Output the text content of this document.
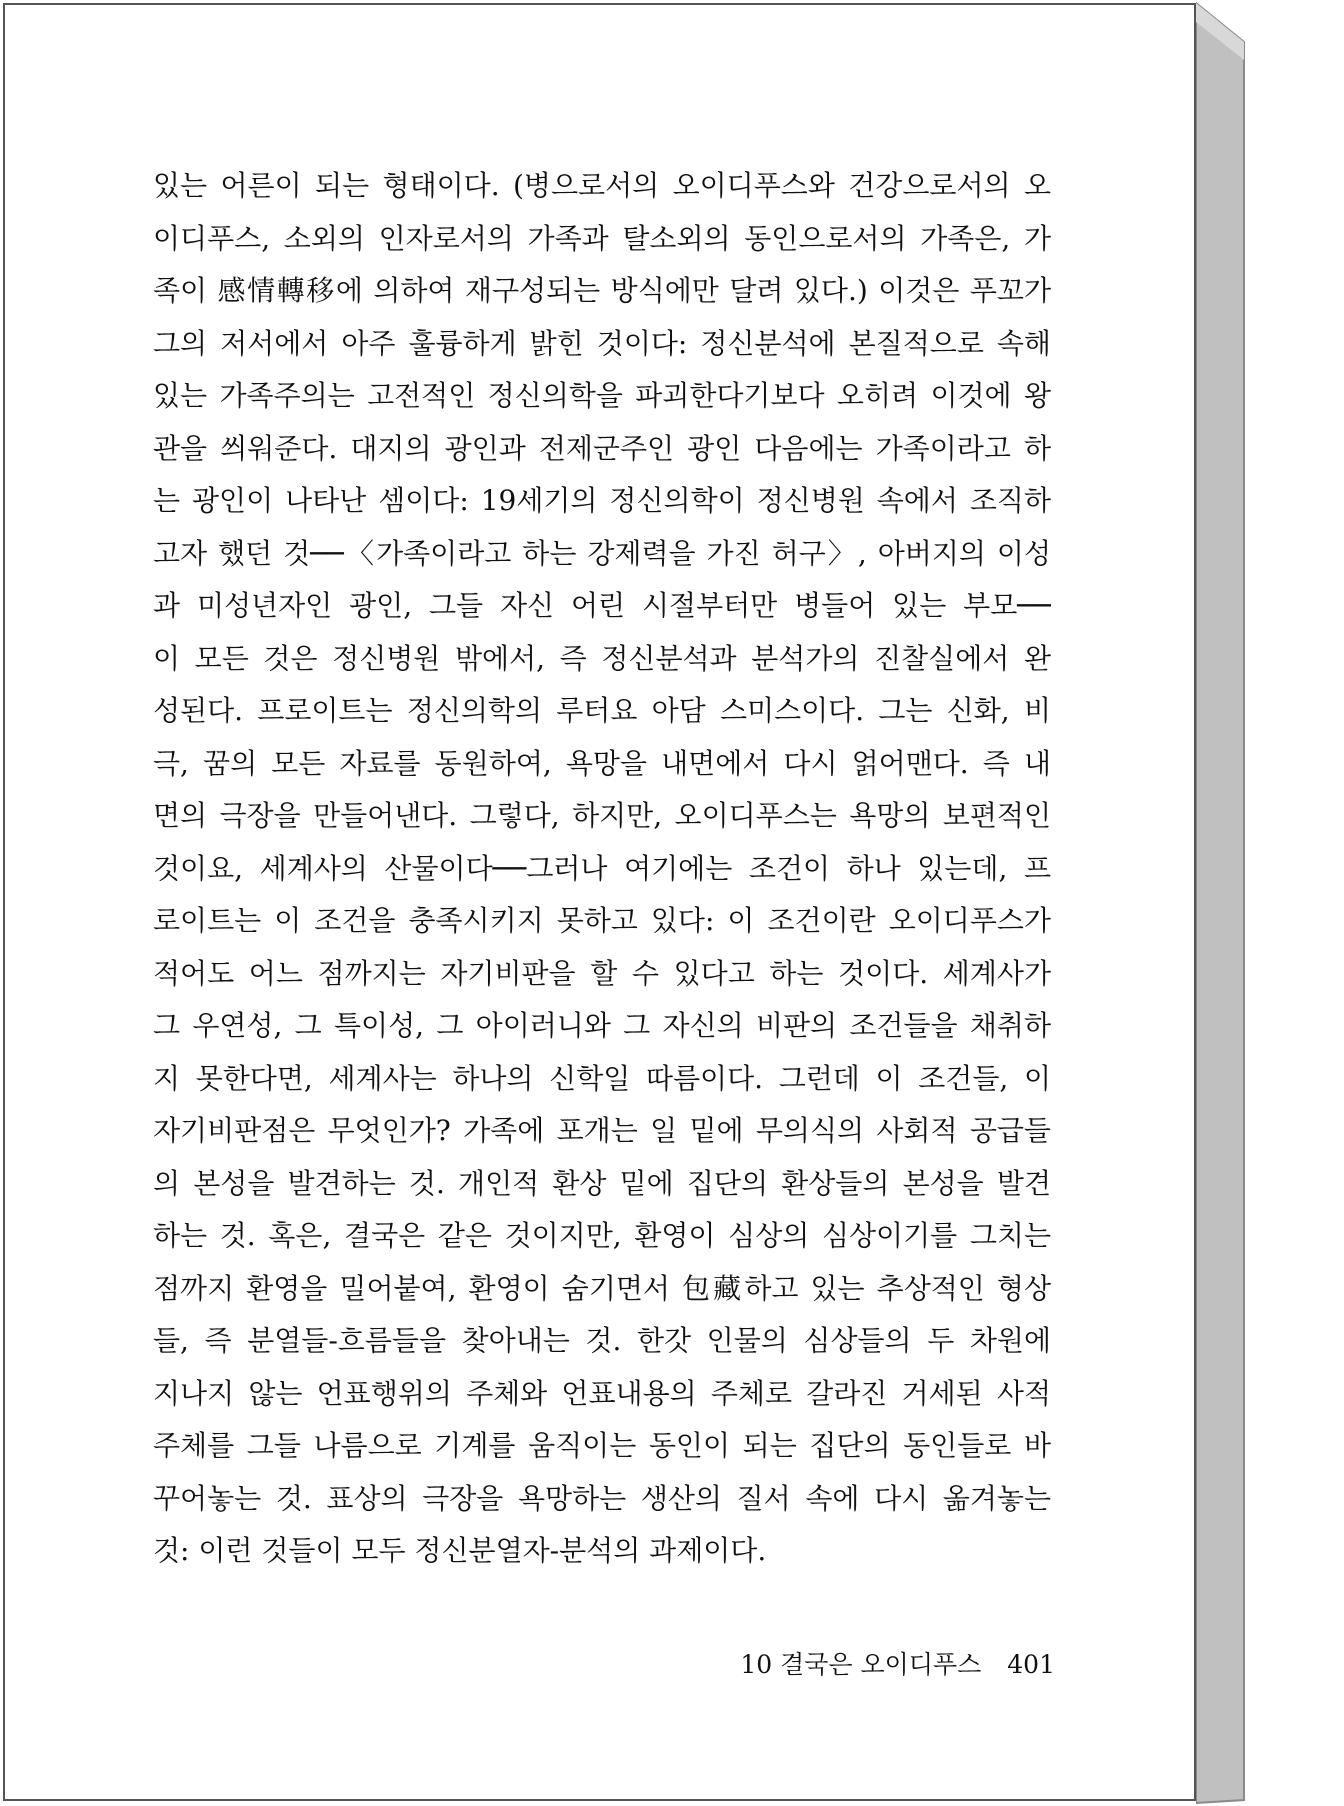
있는 어른이 되는 형태이다. (병으로서의 오이디푸스와 건강으로서의 오
이디푸스, 소외의 인자로서의 가족과 탈소외의 동인으로서의 가족은, 가
족이 感情轉移에 의하여 재구성되는 방식에만 달려 있다.) 이것은 푸꼬가
그의 저서에서 아주 훌륭하게 밝힌 것이다: 정신분석에 본질적으로 속해
있는 가족주의는 고전적인 정신의학을 파괴한다기보다 오히려 이것에 왕
관을 씌워준다. 대지의 광인과 전제군주인 광인 다음에는 가족이라고 하
는 광인이 나타난 셈이다: 19세기의 정신의학이 정신병원 속에서 조직하
고자 했던 것──〈가족이라고 하는 강제력을 가진 허구〉, 아버지의 이성
과 미성년자인 광인, 그들 자신 어린 시절부터만 병들어 있는 부모──
이 모든 것은 정신병원 밖에서, 즉 정신분석과 분석가의 진찰실에서 완
성된다. 프로이트는 정신의학의 루터요 아담 스미스이다. 그는 신화, 비
극, 꿈의 모든 자료를 동원하여, 욕망을 내면에서 다시 얽어맨다. 즉 내
면의 극장을 만들어낸다. 그렇다, 하지만, 오이디푸스는 욕망의 보편적인
것이요, 세계사의 산물이다──그러나 여기에는 조건이 하나 있는데, 프
로이트는 이 조건을 충족시키지 못하고 있다: 이 조건이란 오이디푸스가
적어도 어느 점까지는 자기비판을 할 수 있다고 하는 것이다. 세계사가
그 우연성, 그 특이성, 그 아이러니와 그 자신의 비판의 조건들을 채취하
지 못한다면, 세계사는 하나의 신학일 따름이다. 그런데 이 조건들, 이
자기비판점은 무엇인가? 가족에 포개는 일 밑에 무의식의 사회적 공급들
의 본성을 발견하는 것. 개인적 환상 밑에 집단의 환상들의 본성을 발견
하는 것. 혹은, 결국은 같은 것이지만, 환영이 심상의 심상이기를 그치는
점까지 환영을 밀어붙여, 환영이 숨기면서 包藏하고 있는 추상적인 형상
들, 즉 분열들-흐름들을 찾아내는 것. 한갓 인물의 심상들의 두 차원에
지나지 않는 언표행위의 주체와 언표내용의 주체로 갈라진 거세된 사적
주체를 그들 나름으로 기계를 움직이는 동인이 되는 집단의 동인들로 바
꾸어놓는 것. 표상의 극장을 욕망하는 생산의 질서 속에 다시 옮겨놓는
것: 이런 것들이 모두 정신분열자-분석의 과제이다.
10 결국은 오이디푸스 401
